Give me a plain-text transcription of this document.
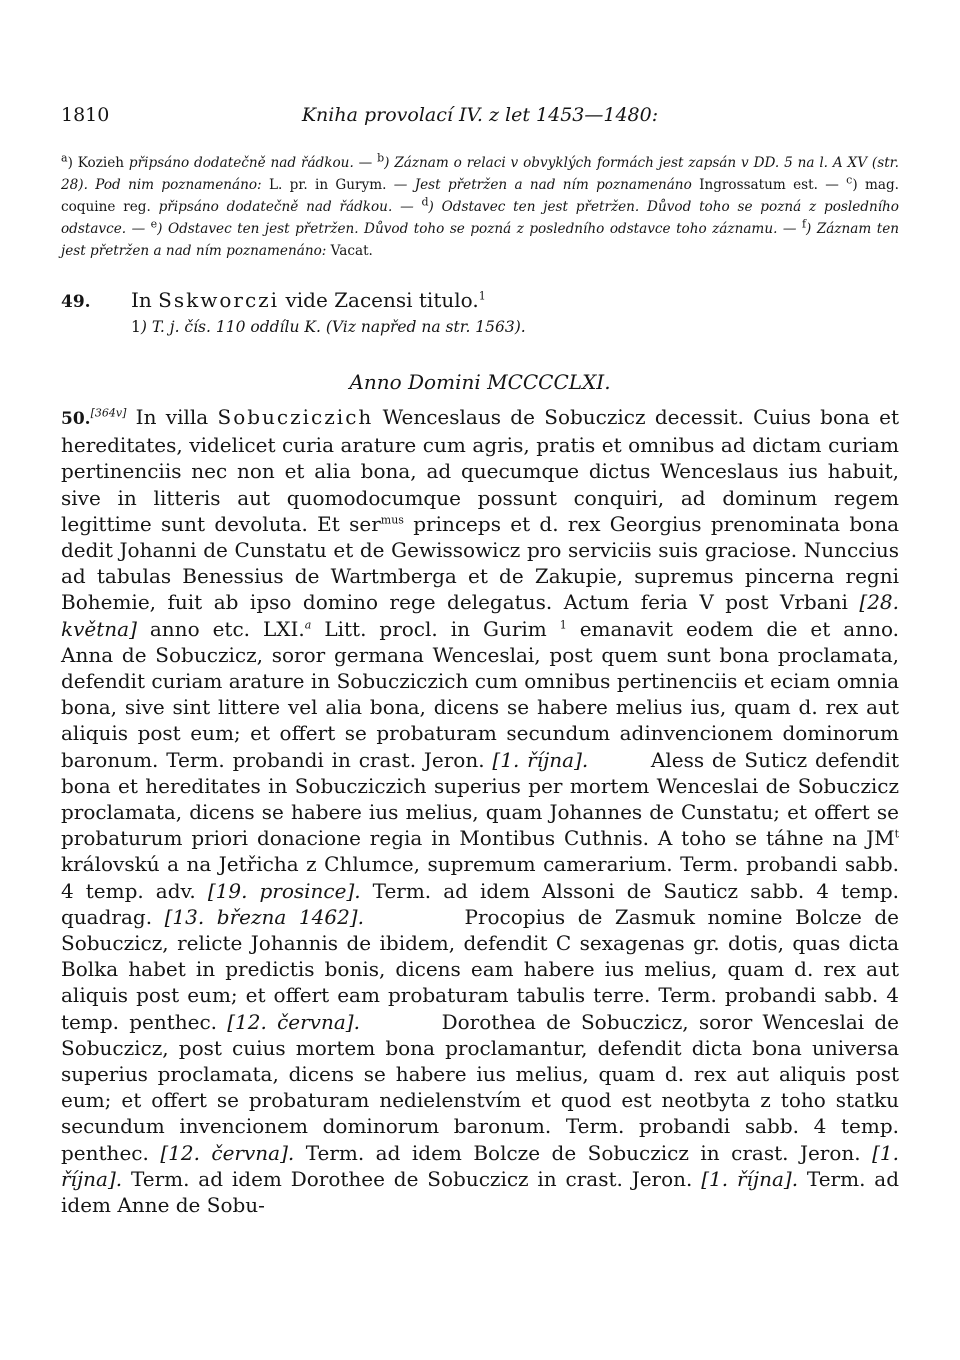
1810	Kniha provolací IV. z let 1453—1480:
$^a$) Kozieh připsáno dodatečně nad řádkou. — $^b$) Záznam o relaci v obvyklých formách jest zapsán v DD. 5 na l. A XV (str. 28). Pod nim poznamenáno: L. pr. in Gurym. — Jest přetržen a nad ním poznamenáno Ingrossatum est. — $^c$) mag. coquine reg. připsáno dodatečně nad řádkou. — $^d$) Odstavec ten jest přetržen. Důvod toho se pozná z posledního odstavce. — $^e$) Odstavec ten jest přetržen. Důvod toho se pozná z posledního odstavce toho záznamu. — $^f$) Záznam ten jest přetržen a nad ním poznamenáno: Vacat.
49. In Sskworczi vide Zacensi titulo.$^1$
1) T. j. čís. 110 oddílu K. (Viz napřed na str. 1563).
Anno Domini MCCCCLXI.
50.[364v] In villa Sobucziczich Wenceslaus de Sobuczicz decessit. Cuius bona et hereditates, videlicet curia arature cum agris, pratis et omnibus ad dictam curiam pertinenciis nec non et alia bona, ad quecumque dictus Wenceslaus ius habuit, sive in litteris aut quomodocumque possunt conquiri, ad dominum regem legittime sunt devoluta. Et ser$^{mus}$ princeps et d. rex Georgius prenominata bona dedit Johanni de Cunstatu et de Gewissowicz pro serviciis suis graciose. Nunccius ad tabulas Benessius de Wartmberga et de Zakupie, supremus pincerna regni Bohemie, fuit ab ipso domino rege delegatus. Actum feria V post Vrbani [28. května] anno etc. LXI.$^a$ Litt. procl. in Gurim $^1$ emanavit eodem die et anno.        Anna de Sobuczicz, soror germana Wenceslai, post quem sunt bona proclamata, defendit curiam arature in Sobucziczich cum omnibus pertinenciis et eciam omnia bona, sive sint littere vel alia bona, dicens se habere melius ius, quam d. rex aut aliquis post eum; et offert se probaturam secundum adinvencionem dominorum baronum. Term. probandi in crast. Jeron. [1. října].        Aless de Suticz defendit bona et hereditates in Sobucziczich superius per mortem Wenceslai de Sobuczicz proclamata, dicens se habere ius melius, quam Johannes de Cunstatu; et offert se probaturum priori donacione regia in Montibus Cuthnis. A toho se táhne na $JM^t$ královskú a na Jetřicha z Chlumce, supremum camerarium. Term. probandi sabb. 4 temp. adv. [19. prosince]. Term. ad idem Alssoni de Sauticz sabb. 4 temp. quadrag. [13. března 1462].        Procopius de Zasmuk nomine Bolcze de Sobuczicz, relicte Johannis de ibidem, defendit C sexagenas gr. dotis, quas dicta Bolka habet in predictis bonis, dicens eam habere ius melius, quam d. rex aut aliquis post eum; et offert eam probaturam tabulis terre. Term. probandi sabb. 4 temp. penthec. [12. června].        Dorothea de Sobuczicz, soror Wenceslai de Sobuczicz, post cuius mortem bona proclamantur, defendit dicta bona universa superius proclamata, dicens se habere ius melius, quam d. rex aut aliquis post eum; et offert se probaturam nedielenstvím et quod est neotbyta z toho statku secundum invencionem dominorum baronum. Term. probandi sabb. 4 temp. penthec. [12. června]. Term. ad idem Bolcze de Sobuczicz in crast. Jeron. [1. října]. Term. ad idem Dorothee de Sobuczicz in crast. Jeron. [1. října]. Term. ad idem Anne de Sobu-
